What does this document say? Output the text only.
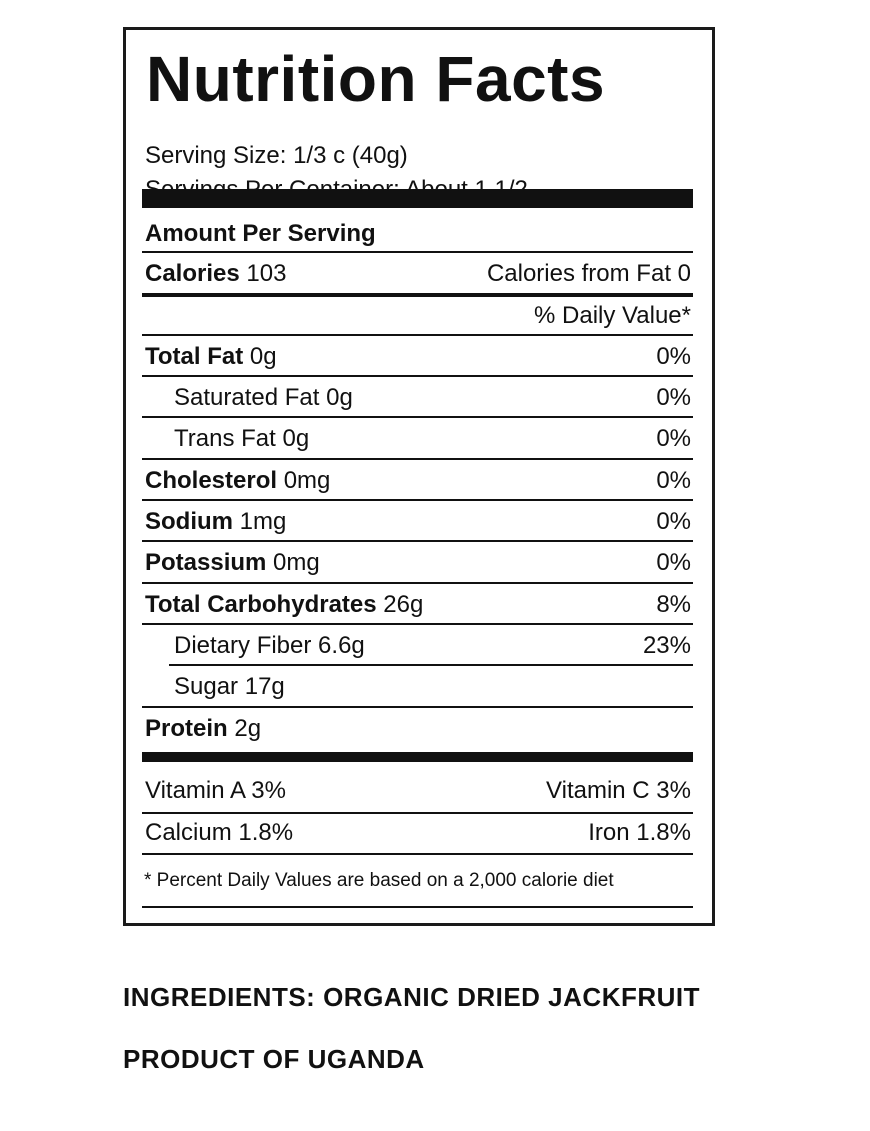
Nutrition Facts
Serving Size: 1/3 c (40g)
Amount Per Serving
Calories 103	Calories from Fat 0
% Daily Value*
Total Fat 0g	0%
Saturated Fat 0g	0%
Trans Fat 0g	0%
Cholesterol 0mg	0%
Sodium 1mg	0%
Potassium 0mg	0%
Total Carbohydrates 26g	8%
Dietary Fiber 6.6g	23%
Sugar 17g
Protein 2g
Vitamin A 3%	Vitamin C 3%
Calcium 1.8%	Iron 1.8%
* Percent Daily Values are based on a 2,000 calorie diet
INGREDIENTS: ORGANIC DRIED JACKFRUIT
PRODUCT OF UGANDA
